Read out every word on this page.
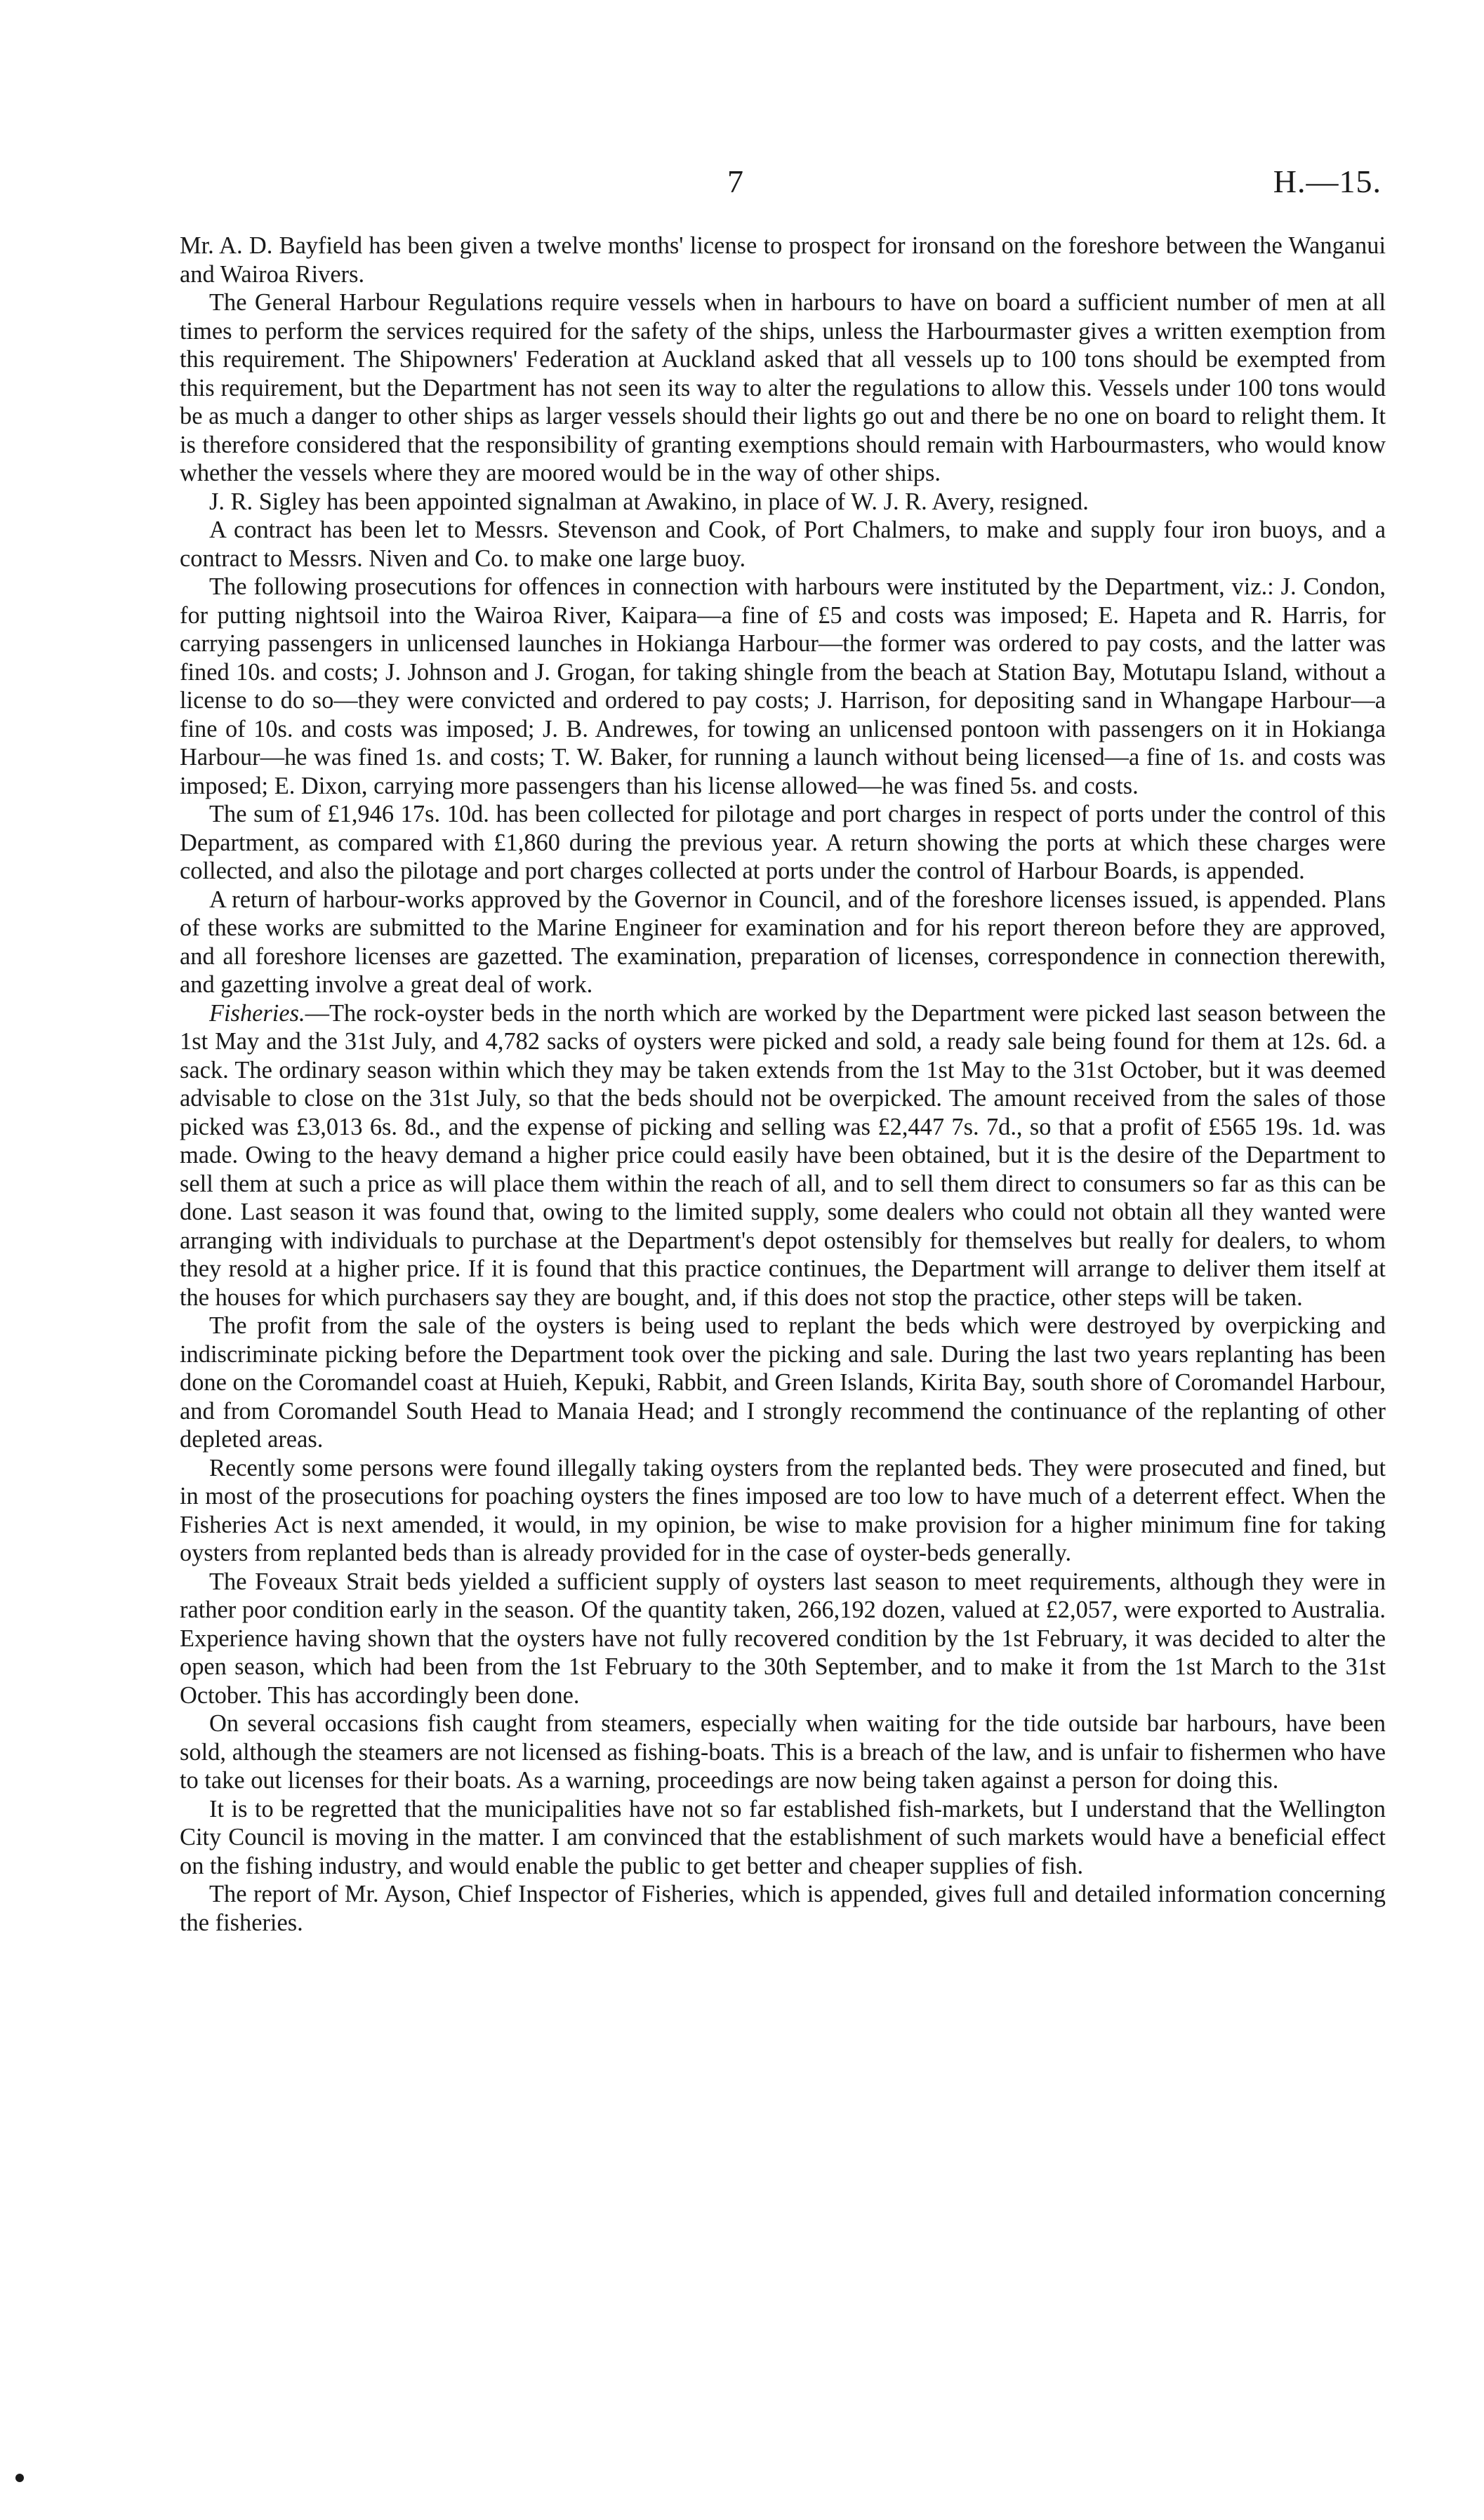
7	H.—15.

Mr. A. D. Bayfield has been given a twelve months' license to prospect for ironsand on the foreshore between the Wanganui and Wairoa Rivers.

The General Harbour Regulations require vessels when in harbours to have on board a sufficient number of men at all times to perform the services required for the safety of the ships, unless the Harbourmaster gives a written exemption from this requirement. The Shipowners' Federation at Auckland asked that all vessels up to 100 tons should be exempted from this requirement, but the Department has not seen its way to alter the regulations to allow this. Vessels under 100 tons would be as much a danger to other ships as larger vessels should their lights go out and there be no one on board to relight them. It is therefore considered that the responsibility of granting exemptions should remain with Harbourmasters, who would know whether the vessels where they are moored would be in the way of other ships.

J. R. Sigley has been appointed signalman at Awakino, in place of W. J. R. Avery, resigned.

A contract has been let to Messrs. Stevenson and Cook, of Port Chalmers, to make and supply four iron buoys, and a contract to Messrs. Niven and Co. to make one large buoy.

The following prosecutions for offences in connection with harbours were instituted by the Department, viz.: J. Condon, for putting nightsoil into the Wairoa River, Kaipara—a fine of £5 and costs was imposed; E. Hapeta and R. Harris, for carrying passengers in unlicensed launches in Hokianga Harbour—the former was ordered to pay costs, and the latter was fined 10s. and costs; J. Johnson and J. Grogan, for taking shingle from the beach at Station Bay, Motutapu Island, without a license to do so—they were convicted and ordered to pay costs; J. Harrison, for depositing sand in Whangape Harbour—a fine of 10s. and costs was imposed; J. B. Andrewes, for towing an unlicensed pontoon with passengers on it in Hokianga Harbour—he was fined 1s. and costs; T. W. Baker, for running a launch without being licensed—a fine of 1s. and costs was imposed; E. Dixon, carrying more passengers than his license allowed—he was fined 5s. and costs.

The sum of £1,946 17s. 10d. has been collected for pilotage and port charges in respect of ports under the control of this Department, as compared with £1,860 during the previous year. A return showing the ports at which these charges were collected, and also the pilotage and port charges collected at ports under the control of Harbour Boards, is appended.

A return of harbour-works approved by the Governor in Council, and of the foreshore licenses issued, is appended. Plans of these works are submitted to the Marine Engineer for examination and for his report thereon before they are approved, and all foreshore licenses are gazetted. The examination, preparation of licenses, correspondence in connection therewith, and gazetting involve a great deal of work.

Fisheries.—The rock-oyster beds in the north which are worked by the Department were picked last season between the 1st May and the 31st July, and 4,782 sacks of oysters were picked and sold, a ready sale being found for them at 12s. 6d. a sack. The ordinary season within which they may be taken extends from the 1st May to the 31st October, but it was deemed advisable to close on the 31st July, so that the beds should not be overpicked. The amount received from the sales of those picked was £3,013 6s. 8d., and the expense of picking and selling was £2,447 7s. 7d., so that a profit of £565 19s. 1d. was made. Owing to the heavy demand a higher price could easily have been obtained, but it is the desire of the Department to sell them at such a price as will place them within the reach of all, and to sell them direct to consumers so far as this can be done. Last season it was found that, owing to the limited supply, some dealers who could not obtain all they wanted were arranging with individuals to purchase at the Department's depot ostensibly for themselves but really for dealers, to whom they resold at a higher price. If it is found that this practice continues, the Department will arrange to deliver them itself at the houses for which purchasers say they are bought, and, if this does not stop the practice, other steps will be taken.

The profit from the sale of the oysters is being used to replant the beds which were destroyed by overpicking and indiscriminate picking before the Department took over the picking and sale. During the last two years replanting has been done on the Coromandel coast at Huieh, Kepuki, Rabbit, and Green Islands, Kirita Bay, south shore of Coromandel Harbour, and from Coromandel South Head to Manaia Head; and I strongly recommend the continuance of the replanting of other depleted areas.

Recently some persons were found illegally taking oysters from the replanted beds. They were prosecuted and fined, but in most of the prosecutions for poaching oysters the fines imposed are too low to have much of a deterrent effect. When the Fisheries Act is next amended, it would, in my opinion, be wise to make provision for a higher minimum fine for taking oysters from replanted beds than is already provided for in the case of oyster-beds generally.

The Foveaux Strait beds yielded a sufficient supply of oysters last season to meet requirements, although they were in rather poor condition early in the season. Of the quantity taken, 266,192 dozen, valued at £2,057, were exported to Australia. Experience having shown that the oysters have not fully recovered condition by the 1st February, it was decided to alter the open season, which had been from the 1st February to the 30th September, and to make it from the 1st March to the 31st October. This has accordingly been done.

On several occasions fish caught from steamers, especially when waiting for the tide outside bar harbours, have been sold, although the steamers are not licensed as fishing-boats. This is a breach of the law, and is unfair to fishermen who have to take out licenses for their boats. As a warning, proceedings are now being taken against a person for doing this.

It is to be regretted that the municipalities have not so far established fish-markets, but I understand that the Wellington City Council is moving in the matter. I am convinced that the establishment of such markets would have a beneficial effect on the fishing industry, and would enable the public to get better and cheaper supplies of fish.

The report of Mr. Ayson, Chief Inspector of Fisheries, which is appended, gives full and detailed information concerning the fisheries.
